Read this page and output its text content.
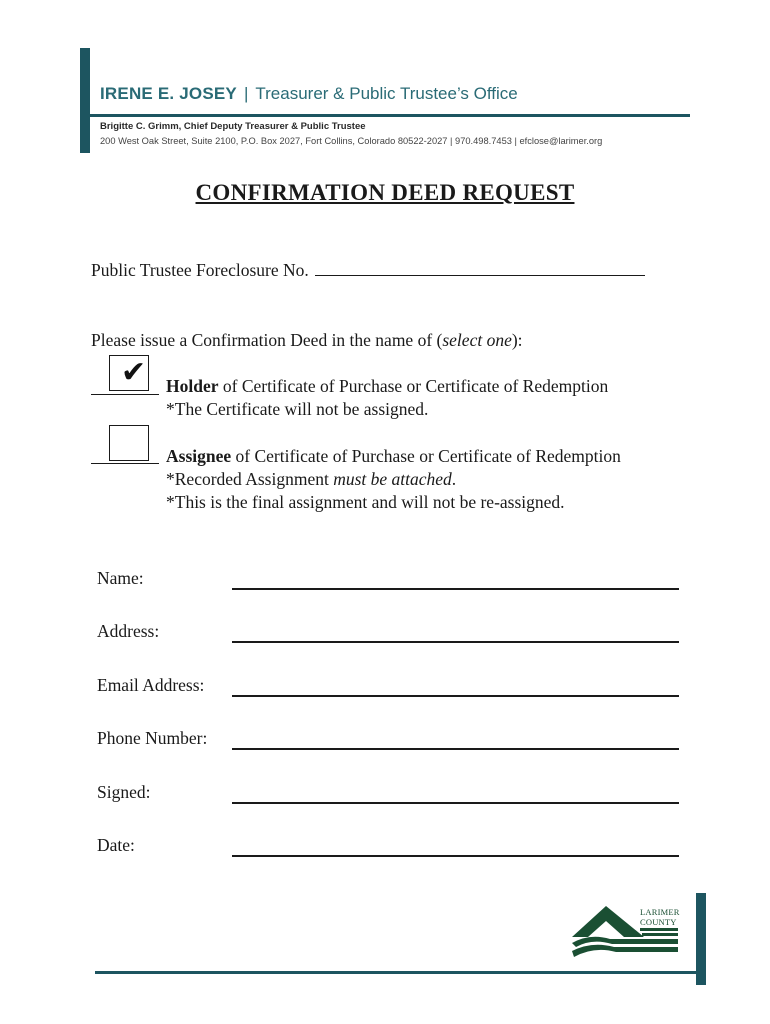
IRENE E. JOSEY | Treasurer & Public Trustee’s Office
Brigitte C. Grimm, Chief Deputy Treasurer & Public Trustee
200 West Oak Street, Suite 2100, P.O. Box 2027, Fort Collins, Colorado 80522-2027 | 970.498.7453 | efclose@larimer.org
CONFIRMATION DEED REQUEST
Public Trustee Foreclosure No.
Please issue a Confirmation Deed in the name of (select one):
✔ Holder of Certificate of Purchase or Certificate of Redemption
*The Certificate will not be assigned.
Assignee of Certificate of Purchase or Certificate of Redemption
*Recorded Assignment must be attached.
*This is the final assignment and will not be re-assigned.
Name:
Address:
Email Address:
Phone Number:
Signed:
Date:
LARIMER
COUNTY
